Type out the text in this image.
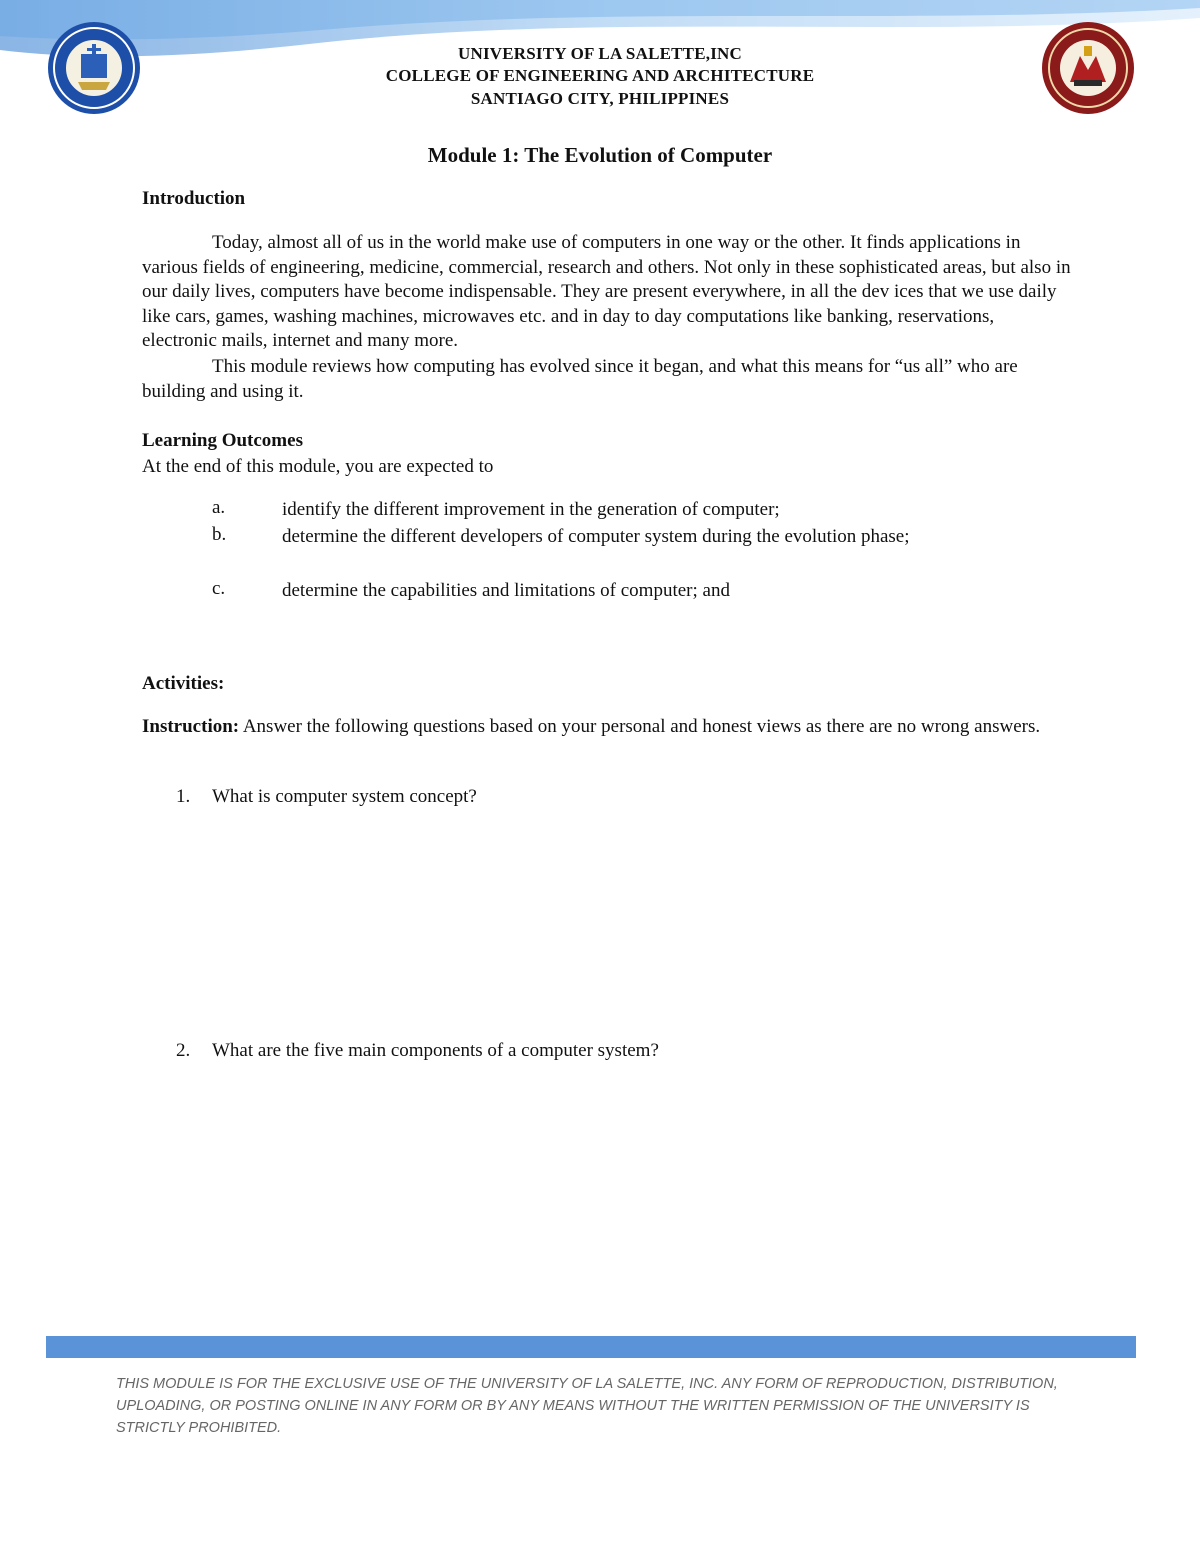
UNIVERSITY OF LA SALETTE,INC
COLLEGE OF ENGINEERING AND ARCHITECTURE
SANTIAGO CITY, PHILIPPINES
Module 1: The Evolution of Computer
Introduction
Today, almost all of us in the world make use of computers in one way or the other. It finds applications in various fields of engineering, medicine, commercial, research and others. Not only in these sophisticated areas, but also in our daily lives, computers have become indispensable. They are present everywhere, in all the dev ices that we use daily like cars, games, washing machines, microwaves etc. and in day to day computations like banking, reservations, electronic mails, internet and many more.
This module reviews how computing has evolved since it began, and what this means for “us all” who are building and using it.
Learning Outcomes
At the end of this module, you are expected to
a.	identify the different improvement in the generation of computer;
b.	determine the different developers of computer system during the evolution phase;
c.	determine the capabilities and limitations of computer; and
Activities:
Instruction: Answer the following questions based on your personal and honest views as there are no wrong answers.
1. What is computer system concept?
2. What are the five main components of a computer system?
THIS MODULE IS FOR THE EXCLUSIVE USE OF THE UNIVERSITY OF LA SALETTE, INC. ANY FORM OF REPRODUCTION, DISTRIBUTION, UPLOADING, OR POSTING ONLINE IN ANY FORM OR BY ANY MEANS WITHOUT THE WRITTEN PERMISSION OF THE UNIVERSITY IS STRICTLY PROHIBITED.
